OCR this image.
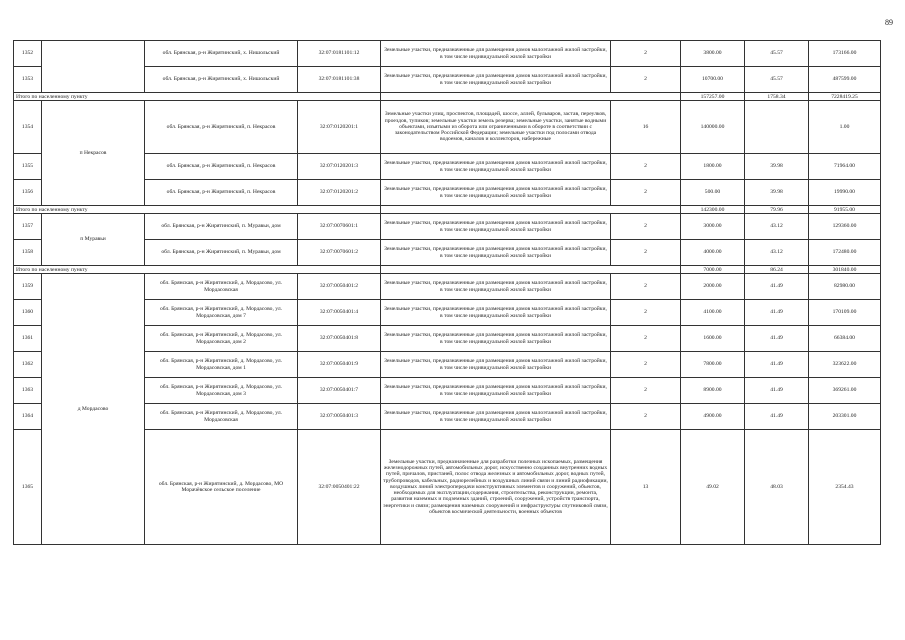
89
1352		обл. Брянская, р-н Жирятинский, х. Нишольский	32:07:0181101:12	Земельные участки, предназначенные для размещения домов малоэтажной жилой застройки, в том числе индивидуальной жилой застройки	2	3800.00	45.57	173166.00
1353		обл. Брянская, р-н Жирятинский, х. Нишольский	32:07:0181101:38	Земельные участки, предназначенные для размещения домов малоэтажной жилой застройки, в том числе индивидуальной жилой застройки	2	10700.00	45.57	487599.00
Итого по населенному пункту						157257.00	1758.34	7228419.25
1354	п Некрасов	обл. Брянская, р-н Жирятинский, п. Некрасов	32:07:0120201:1	Земельные участки улиц, проспектов, площадей, шоссе, аллей, бульваров, застав, переулков, проездов, тупиков; земельные участки земель резерва; земельные участки, занятые водными объектами, изъятыми из оборота или ограниченными в обороте в соответствии с законодательством Российской Федерации; земельные участки под полосами отвода водоемов, каналов и коллекторов, набережные	16	140000.00		1.00
1355		обл. Брянская, р-н Жирятинский, п. Некрасов	32:07:0120201:3	Земельные участки, предназначенные для размещения домов малоэтажной жилой застройки, в том числе индивидуальной жилой застройки	2	1800.00	39.98	71964.00
1356		обл. Брянская, р-н Жирятинский, п. Некрасов	32:07:0120201:2	Земельные участки, предназначенные для размещения домов малоэтажной жилой застройки, в том числе индивидуальной жилой застройки	2	500.00	39.98	19990.00
Итого по населенному пункту						142300.00	79.96	91955.00
1357	п Муравьи	обл. Брянская, р-н Жирятинский, п. Муравьи, дом	32:07:0070601:1	Земельные участки, предназначенные для размещения домов малоэтажной жилой застройки, в том числе индивидуальной жилой застройки	2	3000.00	43.12	129360.00
1358		обл. Брянская, р-н Жирятинский, п. Муравьи, дом	32:07:0070601:2	Земельные участки, предназначенные для размещения домов малоэтажной жилой застройки, в том числе индивидуальной жилой застройки	2	4000.00	43.12	172480.00
Итого по населенному пункту						7000.00	86.24	301840.00
1359	д Мордасово	обл. Брянская, р-н Жирятинский, д. Мордасово, ул. Мордасовская	32:07:0050401:2	Земельные участки, предназначенные для размещения домов малоэтажной жилой застройки, в том числе индивидуальной жилой застройки	2	2000.00	41.49	82980.00
1360		обл. Брянская, р-н Жирятинский, д. Мордасово, ул. Мордасовская, дом 7	32:07:0050401:4	Земельные участки, предназначенные для размещения домов малоэтажной жилой застройки, в том числе индивидуальной жилой застройки	2	4100.00	41.49	170109.00
1361		обл. Брянская, р-н Жирятинский, д. Мордасово, ул. Мордасовская, дом 2	32:07:0050401:8	Земельные участки, предназначенные для размещения домов малоэтажной жилой застройки, в том числе индивидуальной жилой застройки	2	1600.00	41.49	66384.00
1362		обл. Брянская, р-н Жирятинский, д. Мордасово, ул. Мордасовская, дом 1	32:07:0050401:9	Земельные участки, предназначенные для размещения домов малоэтажной жилой застройки, в том числе индивидуальной жилой застройки	2	7800.00	41.49	323622.00
1363		обл. Брянская, р-н Жирятинский, д. Мордасово, ул. Мордасовская, дом 3	32:07:0050401:7	Земельные участки, предназначенные для размещения домов малоэтажной жилой застройки, в том числе индивидуальной жилой застройки	2	8900.00	41.49	369261.00
1364		обл. Брянская, р-н Жирятинский, д. Мордасово, ул. Мордасовская	32:07:0050401:3	Земельные участки, предназначенные для размещения домов малоэтажной жилой застройки, в том числе индивидуальной жилой застройки	2	4900.00	41.49	203301.00
1365		обл. Брянская, р-н Жирятинский, д. Мордасово, МО Морачёвское сельское поселение	32:07:0050401:22	Земельные участки, предназначенные для разработки полезных ископаемых, размещения железнодорожных путей, автомобильных дорог, искусственно созданных внутренних водных путей, причалов, пристаней, полос отвода железных и автомобильных дорог, водных путей, трубопроводов, кабельных, радиорелейных и воздушных линий связи и линий радиофикации, воздушных линий электропередачи конструктивных элементов и сооружений, объектов, необходимых для эксплуатации,содержания, строительства, реконструкции, ремонта, развития наземных и подземных зданий, строений, сооружений, устройств транспорта, энергетики и связи; размещения наземных сооружений и инфраструктуры спутниковой связи, объектов космической деятельности, военных объектов	13	49.02	48.03	2354.43
